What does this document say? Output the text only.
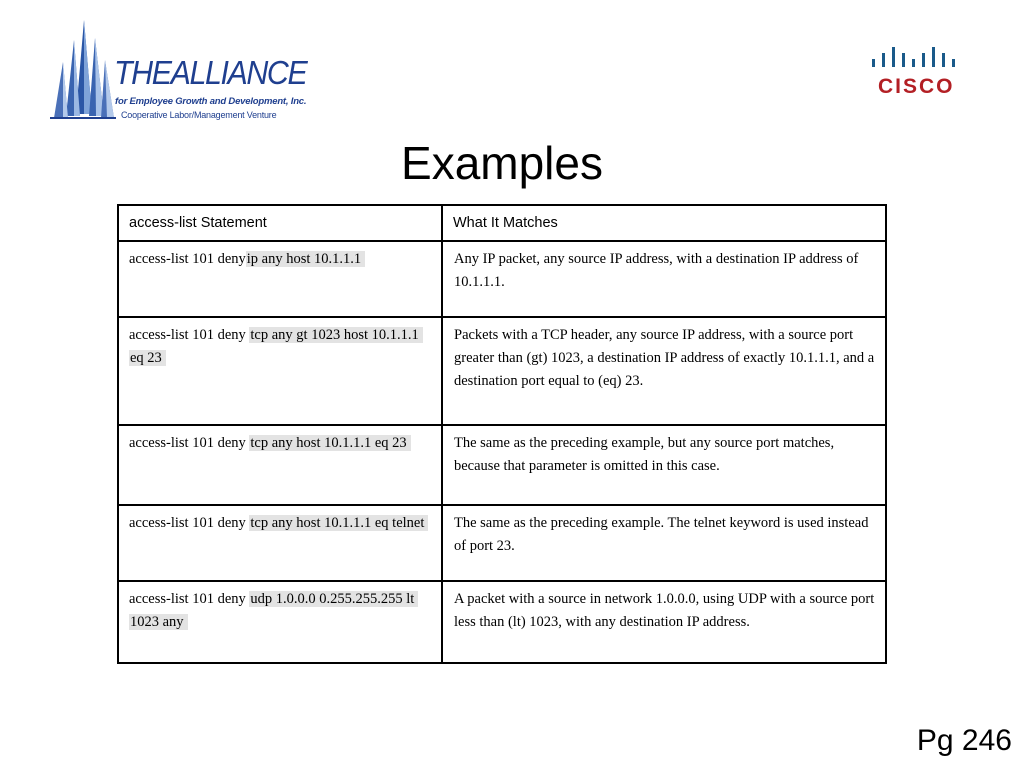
THEALLIANCE
for Employee Growth and Development, Inc.
Cooperative Labor/Management Venture
CISCO
Examples
access-list Statement	What It Matches
access-list 101 denyip any host 10.1.1.1	Any IP packet, any source IP address, with a destination IP address of 10.1.1.1.
access-list 101 deny tcp any gt 1023 host 10.1.1.1 eq 23	Packets with a TCP header, any source IP address, with a source port greater than (gt) 1023, a destination IP address of exactly 10.1.1.1, and a destination port equal to (eq) 23.
access-list 101 deny tcp any host 10.1.1.1 eq 23	The same as the preceding example, but any source port matches, because that parameter is omitted in this case.
access-list 101 deny tcp any host 10.1.1.1 eq telnet	The same as the preceding example. The telnet keyword is used instead of port 23.
access-list 101 deny udp 1.0.0.0 0.255.255.255 lt 1023 any	A packet with a source in network 1.0.0.0, using UDP with a source port less than (lt) 1023, with any destination IP address.
Pg 246
